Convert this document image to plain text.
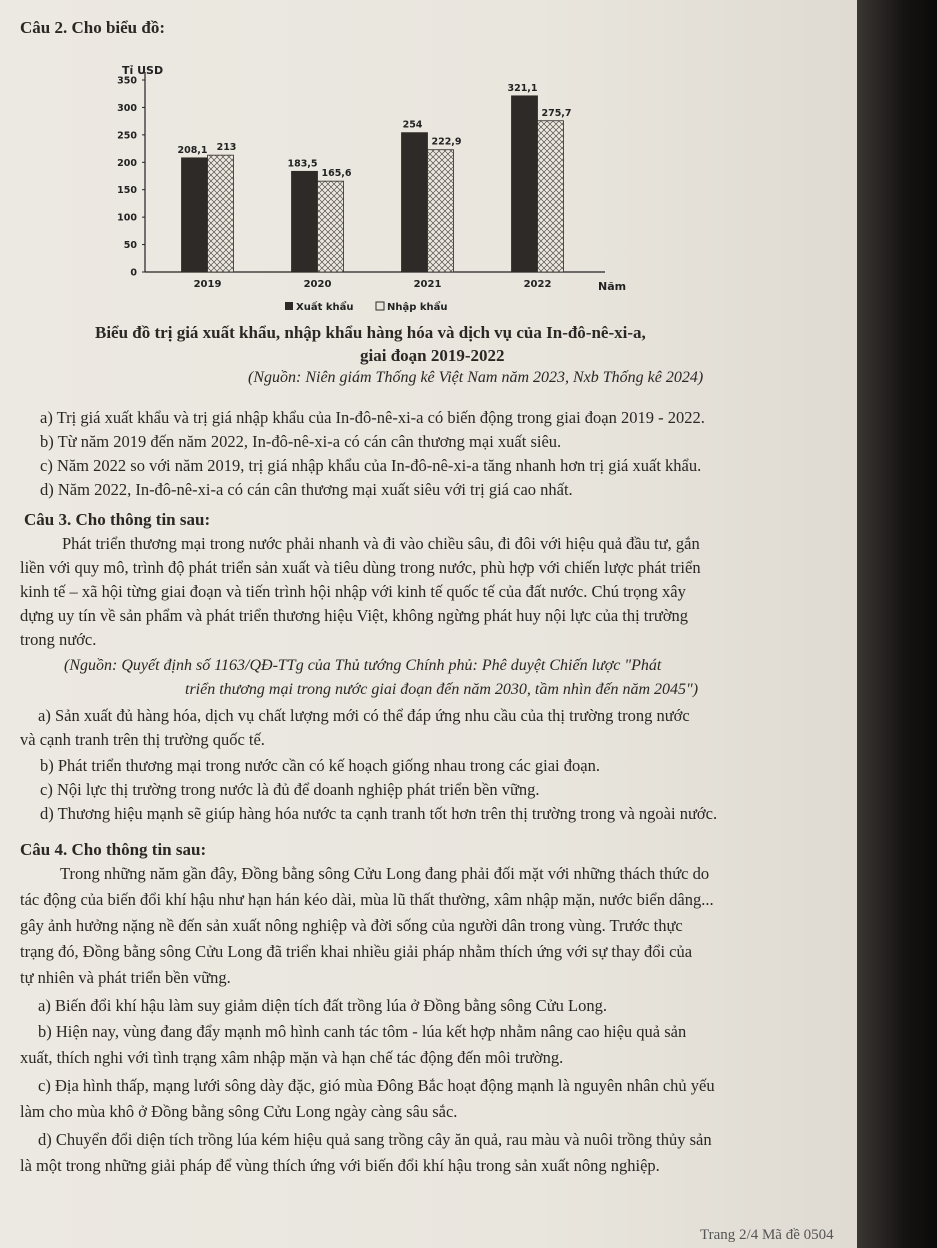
Câu 2. Cho biểu đồ:
Tỉ USD
Năm
0
50
100
150
200
250
300
350
2019	2020	2021	2022
208,1 213
183,5
165,6
254
222,9
321,1
275,7
Xuất khẩu	Nhập khẩu
Biểu đồ trị giá xuất khẩu, nhập khẩu hàng hóa và dịch vụ của In-đô-nê-xi-a,
giai đoạn 2019-2022
(Nguồn: Niên giám Thống kê Việt Nam năm 2023, Nxb Thống kê 2024)
a) Trị giá xuất khẩu và trị giá nhập khẩu của In-đô-nê-xi-a có biến động trong giai đoạn 2019 - 2022.
b) Từ năm 2019 đến năm 2022, In-đô-nê-xi-a có cán cân thương mại xuất siêu.
c) Năm 2022 so với năm 2019, trị giá nhập khẩu của In-đô-nê-xi-a tăng nhanh hơn trị giá xuất khẩu.
d) Năm 2022, In-đô-nê-xi-a có cán cân thương mại xuất siêu với trị giá cao nhất.
Câu 3. Cho thông tin sau:
Phát triển thương mại trong nước phải nhanh và đi vào chiều sâu, đi đôi với hiệu quả đầu tư, gắn
liền với quy mô, trình độ phát triển sản xuất và tiêu dùng trong nước, phù hợp với chiến lược phát triển
kinh tế – xã hội từng giai đoạn và tiến trình hội nhập với kinh tế quốc tế của đất nước. Chú trọng xây
dựng uy tín về sản phẩm và phát triển thương hiệu Việt, không ngừng phát huy nội lực của thị trường
trong nước.
(Nguồn: Quyết định số 1163/QĐ-TTg của Thủ tướng Chính phủ: Phê duyệt Chiến lược "Phát
triển thương mại trong nước giai đoạn đến năm 2030, tầm nhìn đến năm 2045")
a) Sản xuất đủ hàng hóa, dịch vụ chất lượng mới có thể đáp ứng nhu cầu của thị trường trong nước
và cạnh tranh trên thị trường quốc tế.
b) Phát triển thương mại trong nước cần có kế hoạch giống nhau trong các giai đoạn.
c) Nội lực thị trường trong nước là đủ để doanh nghiệp phát triển bền vững.
d) Thương hiệu mạnh sẽ giúp hàng hóa nước ta cạnh tranh tốt hơn trên thị trường trong và ngoài nước.
Câu 4. Cho thông tin sau:
Trong những năm gần đây, Đồng bằng sông Cửu Long đang phải đối mặt với những thách thức do
tác động của biến đổi khí hậu như hạn hán kéo dài, mùa lũ thất thường, xâm nhập mặn, nước biển dâng...
gây ảnh hưởng nặng nề đến sản xuất nông nghiệp và đời sống của người dân trong vùng. Trước thực
trạng đó, Đồng bằng sông Cửu Long đã triển khai nhiều giải pháp nhằm thích ứng với sự thay đổi của
tự nhiên và phát triển bền vững.
a) Biến đổi khí hậu làm suy giảm diện tích đất trồng lúa ở Đồng bằng sông Cửu Long.
b) Hiện nay, vùng đang đẩy mạnh mô hình canh tác tôm - lúa kết hợp nhằm nâng cao hiệu quả sản
xuất, thích nghi với tình trạng xâm nhập mặn và hạn chế tác động đến môi trường.
c) Địa hình thấp, mạng lưới sông dày đặc, gió mùa Đông Bắc hoạt động mạnh là nguyên nhân chủ yếu
làm cho mùa khô ở Đồng bằng sông Cửu Long ngày càng sâu sắc.
d) Chuyển đổi diện tích trồng lúa kém hiệu quả sang trồng cây ăn quả, rau màu và nuôi trồng thủy sản
là một trong những giải pháp để vùng thích ứng với biến đổi khí hậu trong sản xuất nông nghiệp.
Trang 2/4 Mã đề 0504
